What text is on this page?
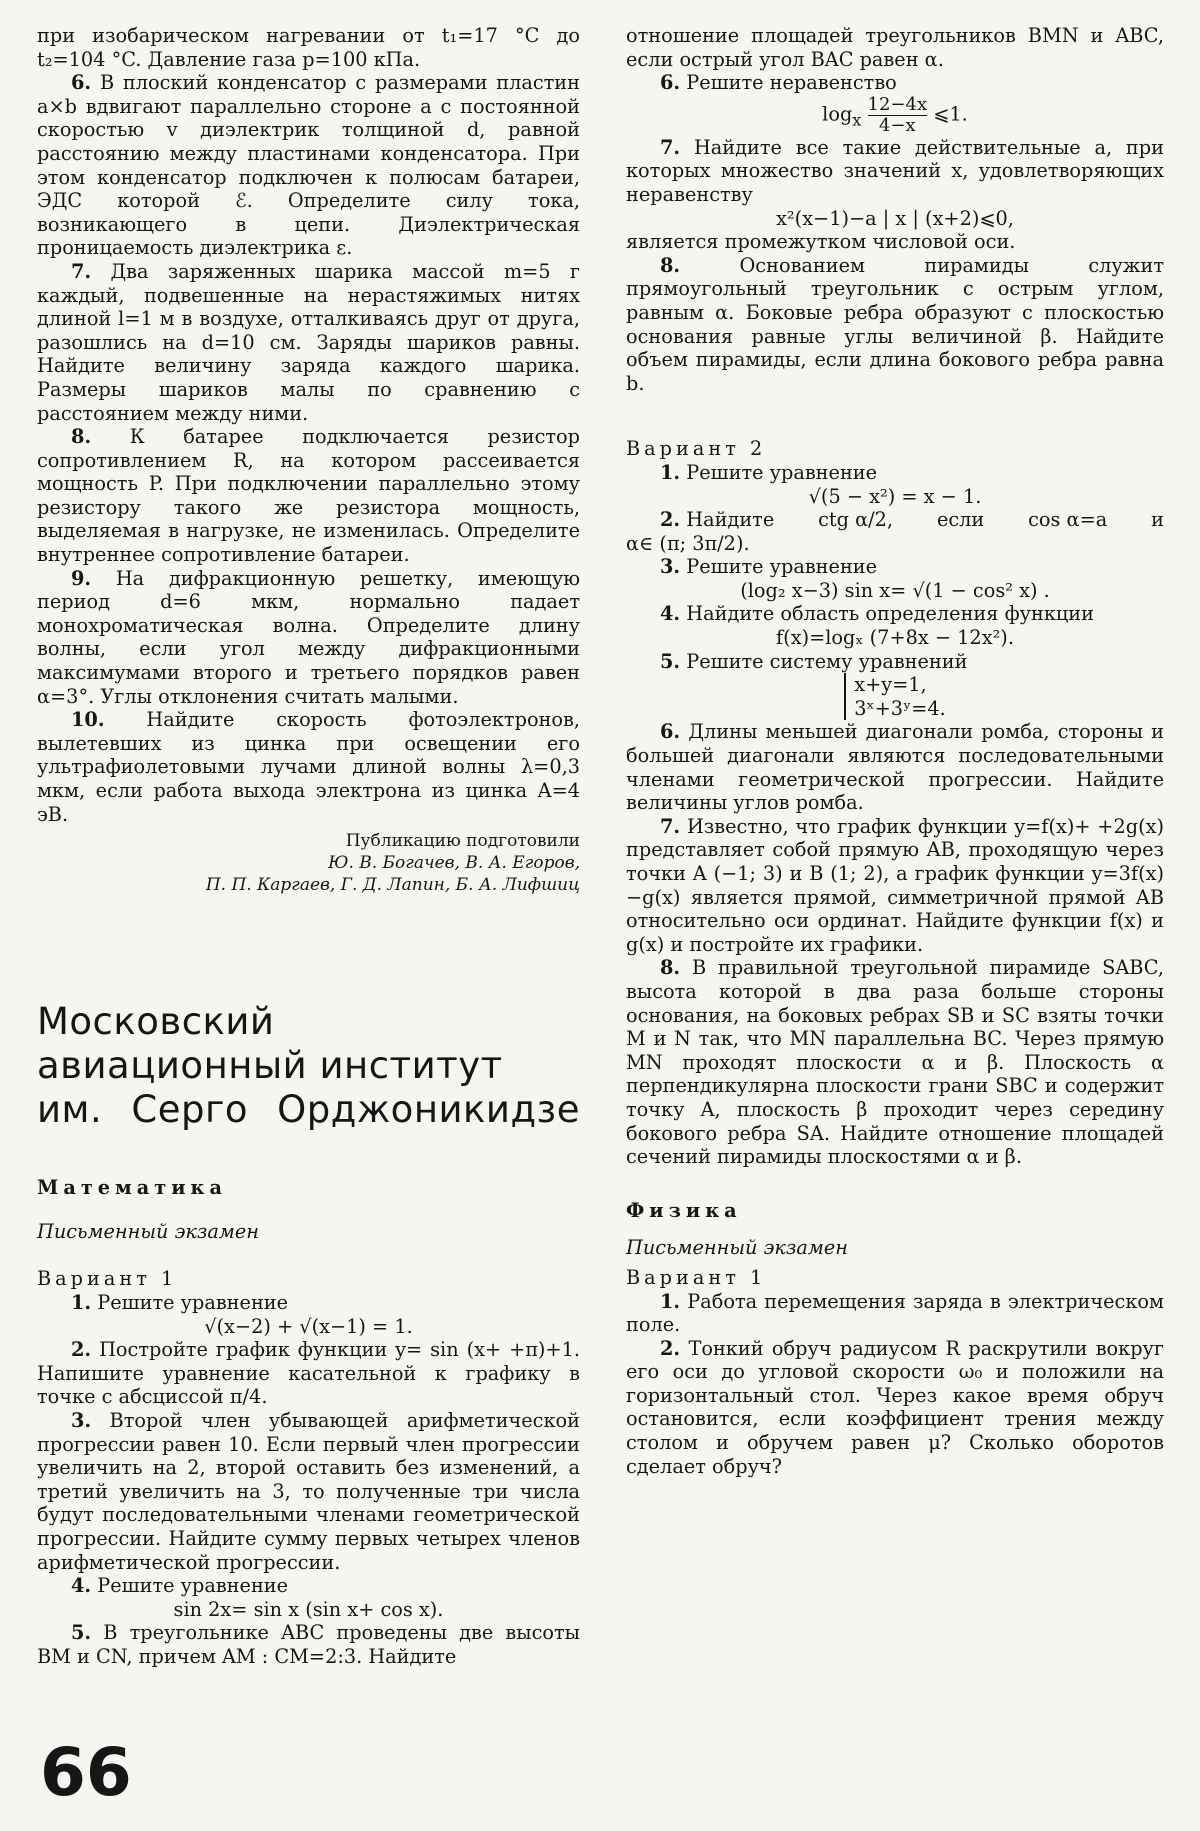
при изобарическом нагревании от t₁=17 °C до t₂=104 °C. Давление газа p=100 кПа.

6. В плоский конденсатор с размерами пластин a×b вдвигают параллельно стороне a с постоянной скоростью v диэлектрик толщиной d, равной расстоянию между пластинами конденсатора. При этом конденсатор подключен к полюсам батареи, ЭДС которой ℰ. Определите силу тока, возникающего в цепи. Диэлектрическая проницаемость диэлектрика ε.

7. Два заряженных шарика массой m=5 г каждый, подвешенные на нерастяжимых нитях длиной l=1 м в воздухе, отталкиваясь друг от друга, разошлись на d=10 см. Заряды шариков равны. Найдите величину заряда каждого шарика. Размеры шариков малы по сравнению с расстоянием между ними.

8. К батарее подключается резистор сопротивлением R, на котором рассеивается мощность P. При подключении параллельно этому резистору такого же резистора мощность, выделяемая в нагрузке, не изменилась. Определите внутреннее сопротивление батареи.

9. На дифракционную решетку, имеющую период d=6 мкм, нормально падает монохроматическая волна. Определите длину волны, если угол между дифракционными максимумами второго и третьего порядков равен α=3°. Углы отклонения считать малыми.

10. Найдите скорость фотоэлектронов, вылетевших из цинка при освещении его ультрафиолетовыми лучами длиной волны λ=0,3 мкм, если работа выхода электрона из цинка A=4 эВ.

Публикацию подготовили
Ю. В. Богачев, В. А. Егоров,
П. П. Каргаев, Г. Д. Лапин, Б. А. Лифшиц
Московский
авиационный институт
им. Серго Орджоникидзе
Математика
Письменный экзамен
Вариант 1

1. Решите уравнение

√(x−2) + √(x−1) = 1.

2. Постройте график функции y= sin (x+ +π)+1. Напишите уравнение касательной к графику в точке с абсциссой π/4.

3. Второй член убывающей арифметической прогрессии равен 10. Если первый член прогрессии увеличить на 2, второй оставить без изменений, а третий увеличить на 3, то полученные три числа будут последовательными членами геометрической прогрессии. Найдите сумму первых четырех членов арифметической прогрессии.

4. Решите уравнение

sin 2x= sin x (sin x+ cos x).

5. В треугольнике ABC проведены две высоты BM и CN, причем AM : CM=2:3. Найдите

отношение площадей треугольников BMN и ABC, если острый угол BAC равен α.

6. Решите неравенство

$\log_x \frac{12-4x}{4-x}$ ⩽1.

7. Найдите все такие действительные a, при которых множество значений x, удовлетворяющих неравенству

x²(x−1)−a | x | (x+2)⩽0,

является промежутком числовой оси.

8.	Основанием пирамиды служит прямоугольный треугольник с острым углом, равным α. Боковые ребра образуют с плоскостью основания равные углы величиной β. Найдите объем пирамиды, если длина бокового ребра равна b.

Вариант 2

1. Решите уравнение

√(5 − x²) = x − 1.

2. Найдите ctg α/2, если cos α=a и

α∈ (π; 3π/2).

3. Решите уравнение

(log₂ x−3) sin x= √(1 − cos² x) .

4. Найдите область определения функции

f(x)=logₓ (7+8x − 12x²).

5. Решите систему уравнений

x+y=1,
3ˣ+3ʸ=4.

6. Длины меньшей диагонали ромба, стороны и большей диагонали являются последовательными членами геометрической прогрессии. Найдите величины углов ромба.

7. Известно, что график функции y=f(x)+ +2g(x) представляет собой прямую AB, проходящую через точки A (−1; 3) и B (1; 2), а график функции y=3f(x)−g(x) является прямой, симметричной прямой AB относительно оси ординат. Найдите функции f(x) и g(x) и постройте их графики.

8. В правильной треугольной пирамиде SABC, высота которой в два раза больше стороны основания, на боковых ребрах SB и SC взяты точки M и N так, что MN параллельна BC. Через прямую MN проходят плоскости α и β. Плоскость α перпендикулярна плоскости грани SBC и содержит точку A, плоскость β проходит через середину бокового ребра SA. Найдите отношение площадей сечений пирамиды плоскостями α и β.

Физика
Письменный экзамен
Вариант 1

1. Работа перемещения заряда в электрическом поле.

2. Тонкий обруч радиусом R раскрутили вокруг его оси до угловой скорости ω₀ и положили на горизонтальный стол. Через какое время обруч остановится, если коэффициент трения между столом и обручем равен μ? Сколько оборотов сделает обруч?

66
